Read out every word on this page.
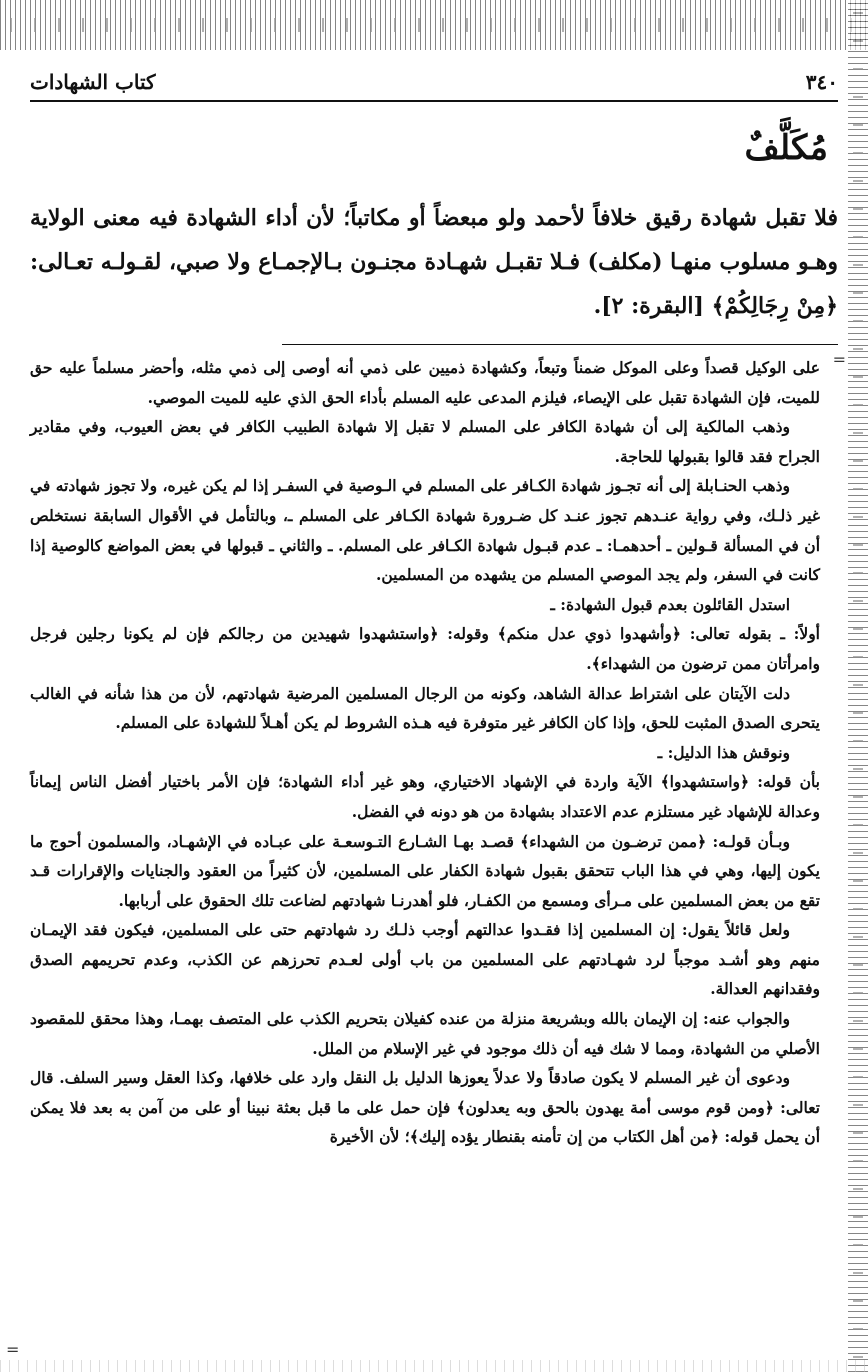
٣٤٠
كتاب الشهادات
مُكَلَّفٌ

فلا تقبل شهادة رقيق خلافاً لأحمد ولو مبعضاً أو مكاتباً؛ لأن أداء الشهادة فيه معنى الولاية وهـو مسلوب منهـا (مكلف) فـلا تقبـل شهـادة مجنـون بـالإجمـاع ولا صبي، لقـولـه تعـالى: ﴿مِنْ رِجَالِكُمْ﴾ [البقرة: ٢].

=

على الوكيل قصداً وعلى الموكل ضمناً وتبعاً، وكشهادة ذميين على ذمي أنه أوصى إلى ذمي مثله، وأحضر مسلماً عليه حق للميت، فإن الشهادة تقبل على الإيصاء، فيلزم المدعى عليه المسلم بأداء الحق الذي عليه للميت الموصي.

وذهب المالكية إلى أن شهادة الكافر على المسلم لا تقبل إلا شهادة الطبيب الكافر في بعض العيوب، وفي مقادير الجراح فقد قالوا بقبولها للحاجة.

وذهب الحنـابلة إلى أنه تجـوز شهادة الكـافر على المسلم في الـوصية في السفـر إذا لم يكن غيره، ولا تجوز شهادته في غير ذلـك، وفي رواية عنـدهم تجوز عنـد كل ضـرورة شهادة الكـافر على المسلم ـ، وبالتأمل في الأقوال السابقة نستخلص أن في المسألة قـولين ـ أحدهمـا: ـ عدم قبـول شهادة الكـافر على المسلم. ـ والثاني ـ قبولها في بعض المواضع كالوصية إذا كانت في السفر، ولم يجد الموصي المسلم من يشهده من المسلمين.

استدل القائلون بعدم قبول الشهادة: ـ

أولاً: ـ بقوله تعالى: ﴿وأشهدوا ذوي عدل منكم﴾ وقوله: ﴿واستشهدوا شهيدين من رجالكم فإن لم يكونا رجلين فرجل وامرأتان ممن ترضون من الشهداء﴾.

دلت الآيتان على اشتراط عدالة الشاهد، وكونه من الرجال المسلمين المرضية شهادتهم، لأن من هذا شأنه في الغالب يتحرى الصدق المثبت للحق، وإذا كان الكافر غير متوفرة فيه هـذه الشروط لم يكن أهـلاً للشهادة على المسلم.

ونوقش هذا الدليل: ـ

بأن قوله: ﴿واستشهدوا﴾ الآية واردة في الإشهاد الاختياري، وهو غير أداء الشهادة؛ فإن الأمر باختيار أفضل الناس إيماناً وعدالة للإشهاد غير مستلزم عدم الاعتداد بشهادة من هو دونه في الفضل.

وبـأن قولـه: ﴿ممن ترضـون من الشهداء﴾ قصـد بهـا الشـارع التـوسعـة على عبـاده في الإشهـاد، والمسلمون أحوج ما يكون إليها، وهي في هذا الباب تتحقق بقبول شهادة الكفار على المسلمين، لأن كثيراً من العقود والجنايات والإقرارات قـد تقع من بعض المسلمين على مـرأى ومسمع من الكفـار، فلو أهدرنـا شهادتهم لضاعت تلك الحقوق على أربابها.

ولعل قائلاً يقول: إن المسلمين إذا فقـدوا عدالتهم أوجب ذلـك رد شهادتهم حتى على المسلمين، فيكون فقد الإيمـان منهم وهو أشـد موجباً لرد شهـادتهم على المسلمين من باب أولى لعـدم تحرزهم عن الكذب، وعدم تحريمهم الصدق وفقدانهم العدالة.

والجواب عنه: إن الإيمان بالله وبشريعة منزلة من عنده كفيلان بتحريم الكذب على المتصف بهمـا، وهذا محقق للمقصود الأصلي من الشهادة، ومما لا شك فيه أن ذلك موجود في غير الإسلام من الملل.

ودعوى أن غير المسلم لا يكون صادقاً ولا عدلاً يعوزها الدليل بل النقل وارد على خلافها، وكذا العقل وسير السلف. قال تعالى: ﴿ومن قوم موسى أمة يهدون بالحق وبه يعدلون﴾ فإن حمل على ما قبل بعثة نبينا أو على من آمن به بعد فلا يمكن أن يحمل قوله: ﴿من أهل الكتاب من إن تأمنه بقنطار يؤده إليك﴾؛ لأن الأخيرة

=
